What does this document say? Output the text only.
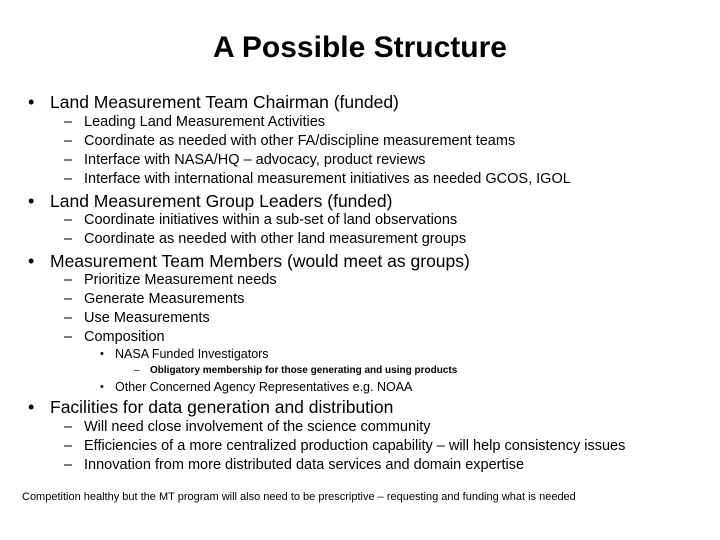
A Possible Structure
• Land Measurement Team Chairman (funded)
– Leading Land Measurement Activities
– Coordinate as needed with other FA/discipline measurement teams
– Interface with NASA/HQ – advocacy, product reviews
– Interface with international measurement initiatives as needed GCOS, IGOL
• Land Measurement Group Leaders (funded)
– Coordinate initiatives within a sub-set of land observations
– Coordinate as needed with other land measurement groups
• Measurement Team Members (would meet as groups)
– Prioritize Measurement needs
– Generate Measurements
– Use Measurements
– Composition
• NASA Funded Investigators
– Obligatory membership for those generating and using products
• Other Concerned Agency Representatives e.g. NOAA
• Facilities for data generation and distribution
– Will need close involvement of the science community
– Efficiencies of a more centralized production capability – will help consistency issues
– Innovation from more distributed data services and domain expertise
Competition healthy but the MT program will also need to be prescriptive – requesting and funding what is needed
